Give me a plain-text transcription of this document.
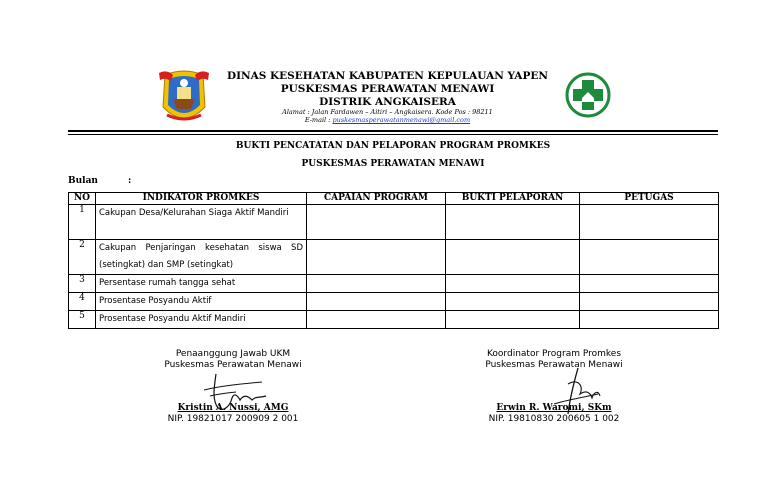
DINAS KESEHATAN KABUPATEN KEPULAUAN YAPEN
PUSKESMAS PERAWATAN MENAWI
DISTRIK ANGKAISERA
Alamat : Jalan Fardawen – Aitiri – Angkaisera. Kode Pos : 98211
E-mail : puskesmasperawatanmenawi@gmail.com
BUKTI PENCATATAN DAN PELAPORAN PROGRAM PROMKES
PUSKESMAS PERAWATAN MENAWI
Bulan	:
NO	INDIKATOR PROMKES	CAPAIAN PROGRAM	BUKTI PELAPORAN	PETUGAS
1	Cakupan Desa/Kelurahan Siaga Aktif Mandiri			
2	Cakupan Penjaringan kesehatan siswa SD (setingkat) dan SMP (setingkat)			
3	Persentase rumah tangga sehat			
4	Prosentase Posyandu Aktif			
5	Prosentase Posyandu Aktif Mandiri			
Penaanggung Jawab UKM
Puskesmas Perawatan Menawi
Kristin A. Nussi, AMG
NIP. 19821017 200909 2 001
Koordinator Program Promkes
Puskesmas Perawatan Menawi
Erwin R. Waromi, SKm
NIP. 19810830 200605 1 002
